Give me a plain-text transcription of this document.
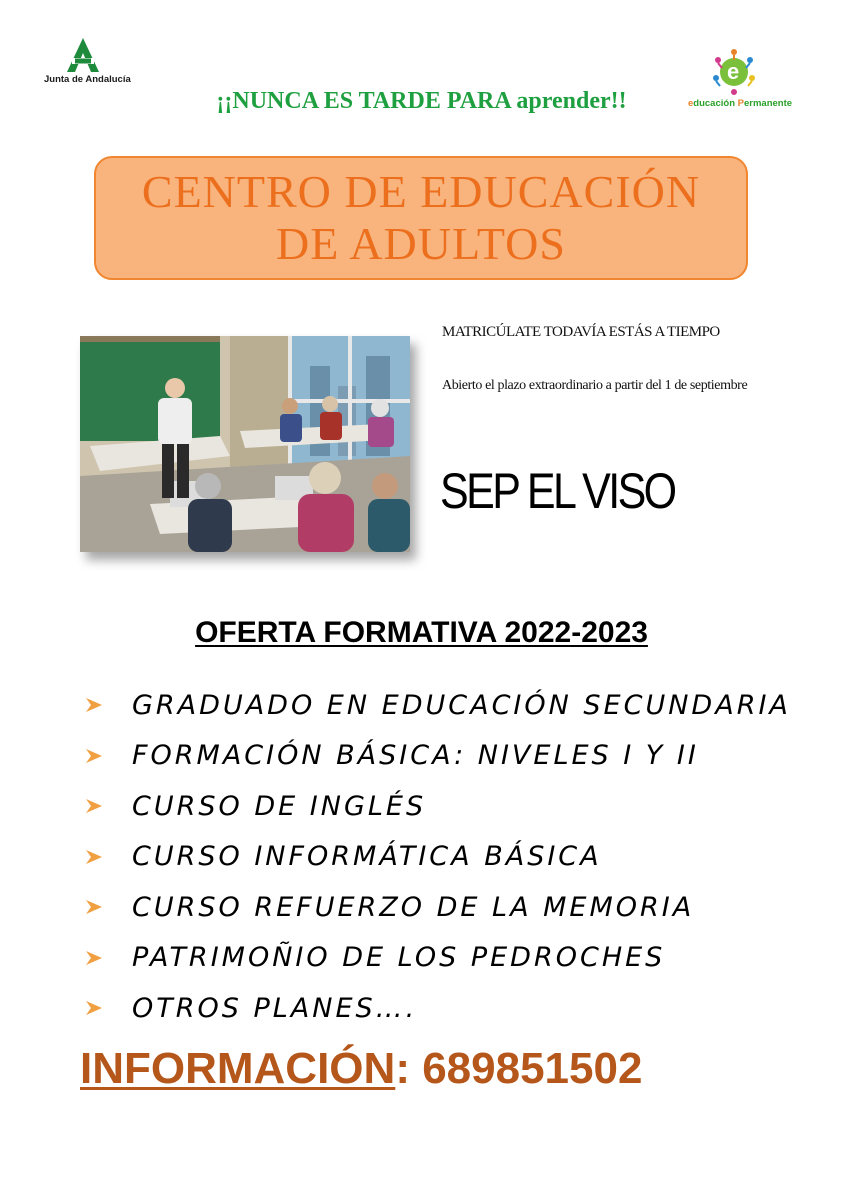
Junta de Andalucía
¡¡NUNCA ES TARDE PARA aprender!!
e
educación Permanente
CENTRO DE EDUCACIÓN
DE ADULTOS
MATRICÚLATE TODAVÍA ESTÁS A TIEMPO
Abierto el plazo extraordinario a partir del 1 de septiembre
SEP EL VISO
OFERTA FORMATIVA 2022-2023
GRADUADO EN EDUCACIÓN SECUNDARIA
FORMACIÓN BÁSICA: NIVELES I Y II
CURSO DE INGLÉS
CURSO INFORMÁTICA BÁSICA
CURSO REFUERZO DE LA MEMORIA
PATRIMOÑIO DE LOS PEDROCHES
OTROS PLANES….
INFORMACIÓN: 689851502
